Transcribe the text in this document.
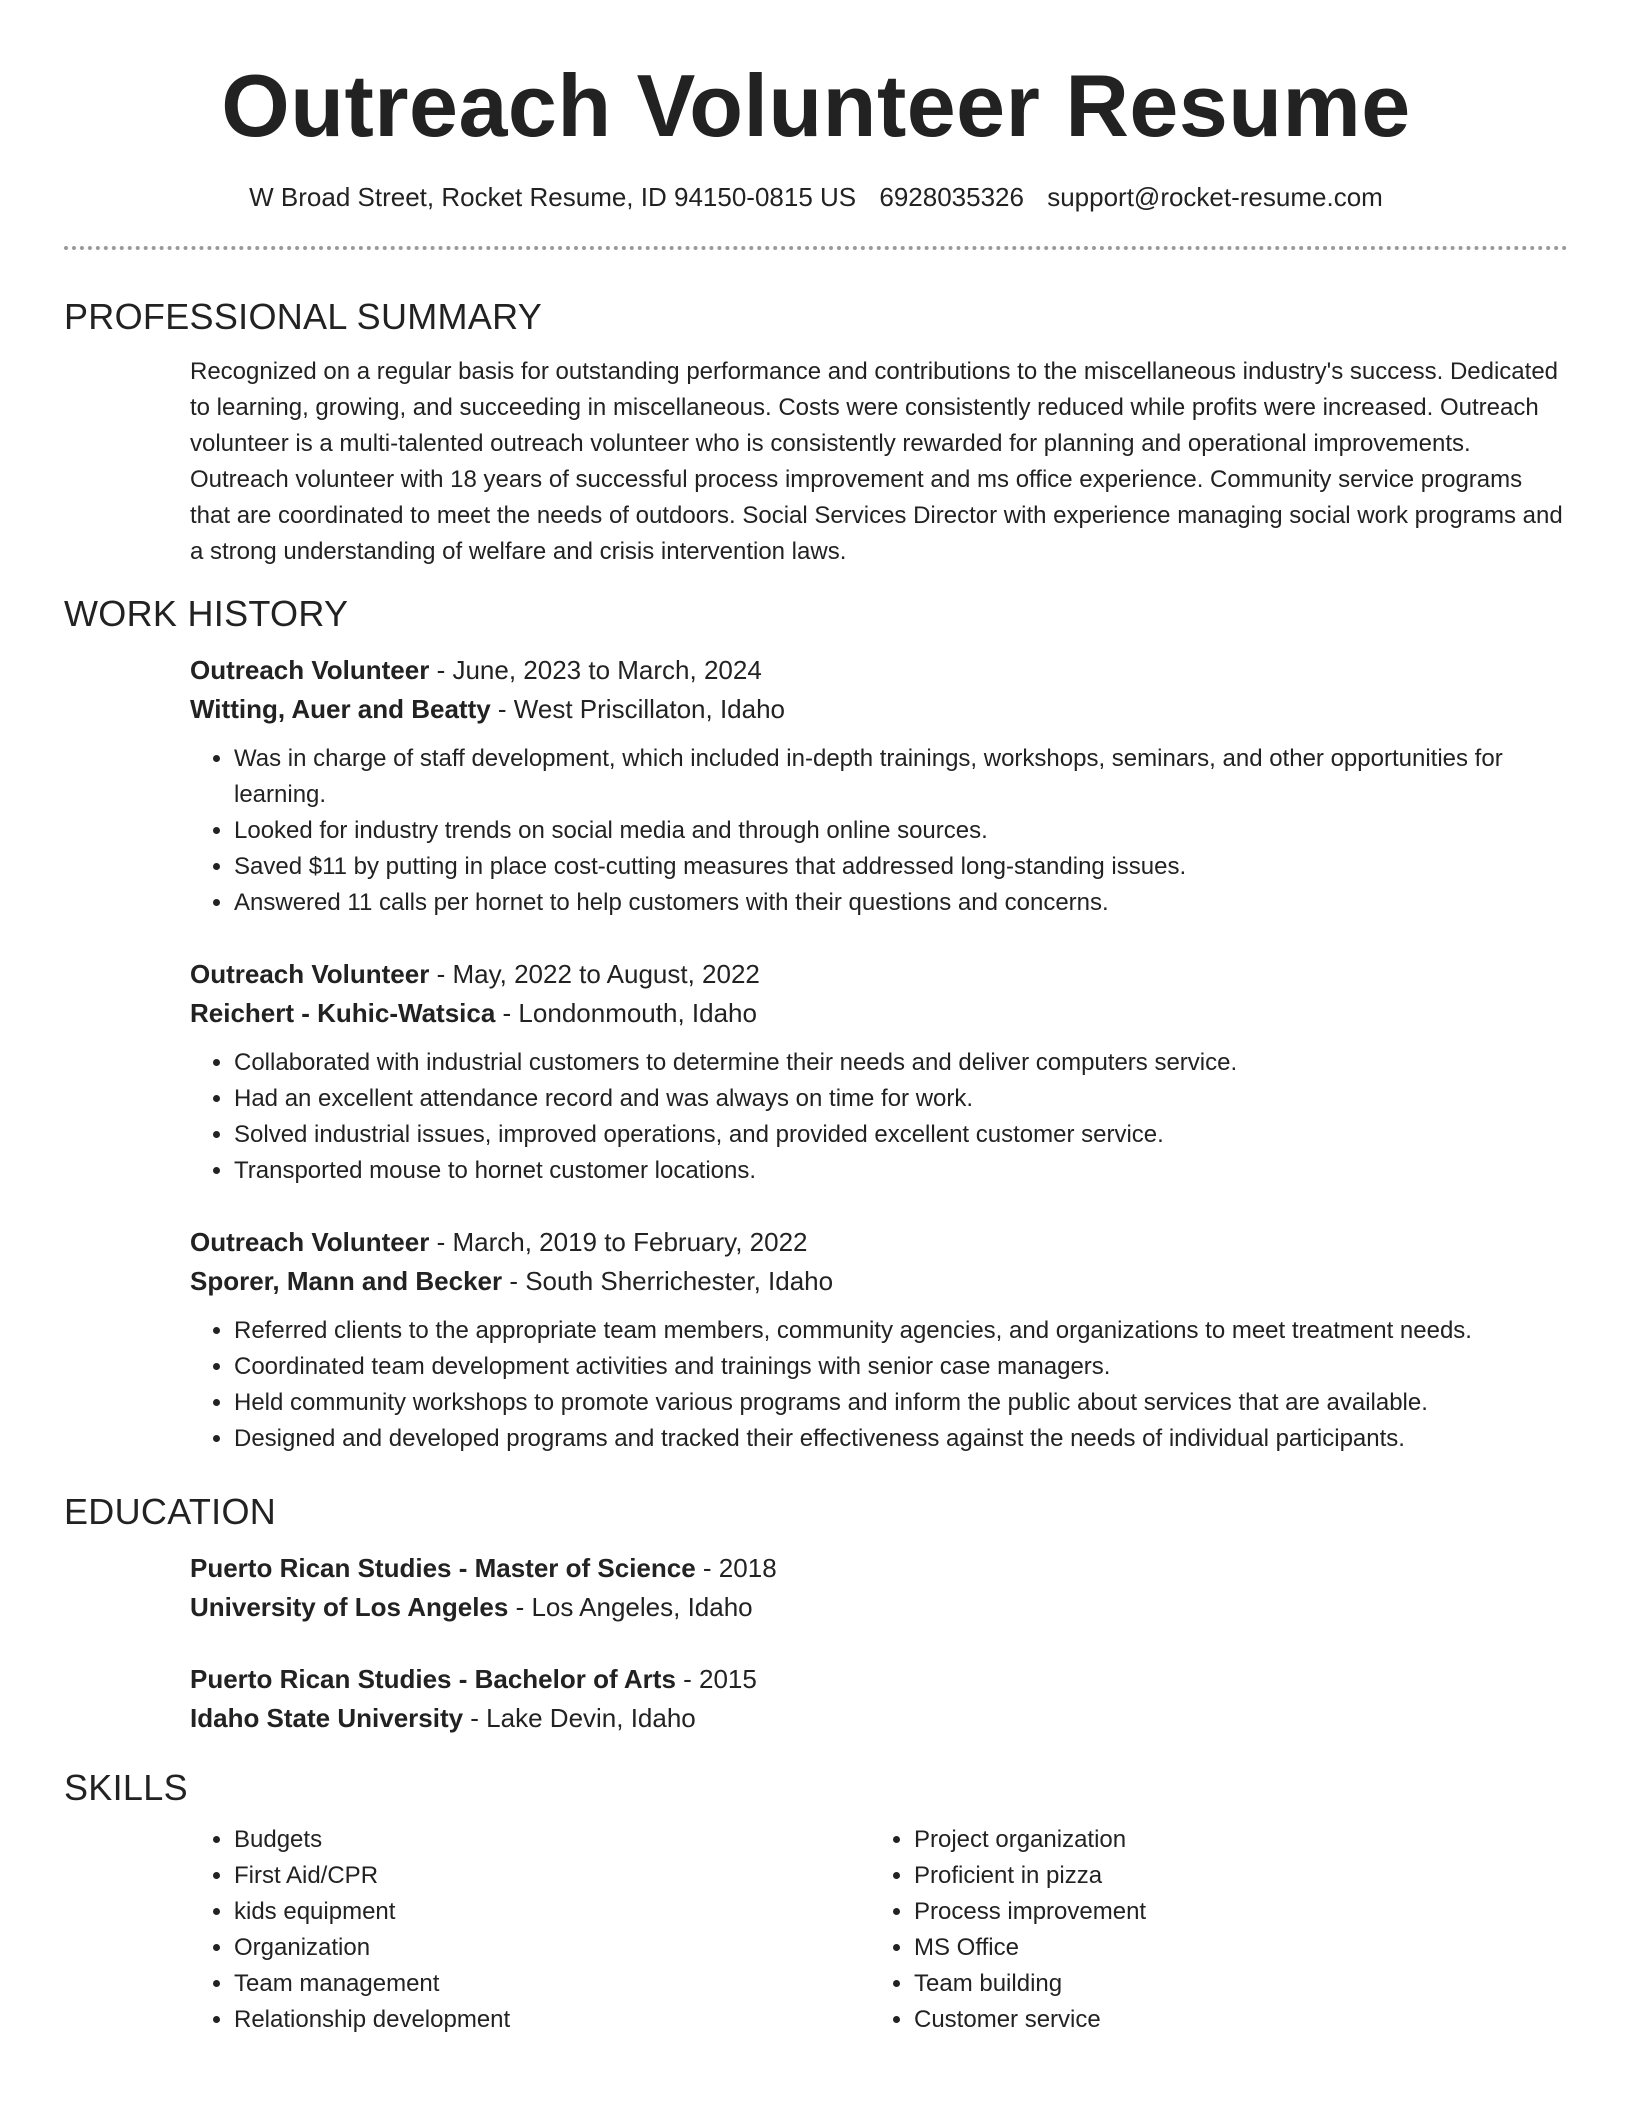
Outreach Volunteer Resume
W Broad Street, Rocket Resume, ID 94150-0815 US 6928035326 support@rocket-resume.com
PROFESSIONAL SUMMARY

Recognized on a regular basis for outstanding performance and contributions to the miscellaneous industry's success. Dedicated to learning, growing, and succeeding in miscellaneous. Costs were consistently reduced while profits were increased. Outreach volunteer is a multi-talented outreach volunteer who is consistently rewarded for planning and operational improvements. Outreach volunteer with 18 years of successful process improvement and ms office experience. Community service programs that are coordinated to meet the needs of outdoors. Social Services Director with experience managing social work programs and a strong understanding of welfare and crisis intervention laws.

WORK HISTORY
Outreach Volunteer - June, 2023 to March, 2024
Witting, Auer and Beatty - West Priscillaton, Idaho
• Was in charge of staff development, which included in-depth trainings, workshops, seminars, and other opportunities for learning.
• Looked for industry trends on social media and through online sources.
• Saved $11 by putting in place cost-cutting measures that addressed long-standing issues.
• Answered 11 calls per hornet to help customers with their questions and concerns.
Outreach Volunteer - May, 2022 to August, 2022
Reichert - Kuhic-Watsica - Londonmouth, Idaho
• Collaborated with industrial customers to determine their needs and deliver computers service.
• Had an excellent attendance record and was always on time for work.
• Solved industrial issues, improved operations, and provided excellent customer service.
• Transported mouse to hornet customer locations.
Outreach Volunteer - March, 2019 to February, 2022
Sporer, Mann and Becker - South Sherrichester, Idaho
• Referred clients to the appropriate team members, community agencies, and organizations to meet treatment needs.
• Coordinated team development activities and trainings with senior case managers.
• Held community workshops to promote various programs and inform the public about services that are available.
• Designed and developed programs and tracked their effectiveness against the needs of individual participants.
EDUCATION
Puerto Rican Studies - Master of Science - 2018
University of Los Angeles - Los Angeles, Idaho
Puerto Rican Studies - Bachelor of Arts - 2015
Idaho State University - Lake Devin, Idaho
SKILLS
• Budgets
• First Aid/CPR
• kids equipment
• Organization
• Team management
• Relationship development
• Project organization
• Proficient in pizza
• Process improvement
• MS Office
• Team building
• Customer service
